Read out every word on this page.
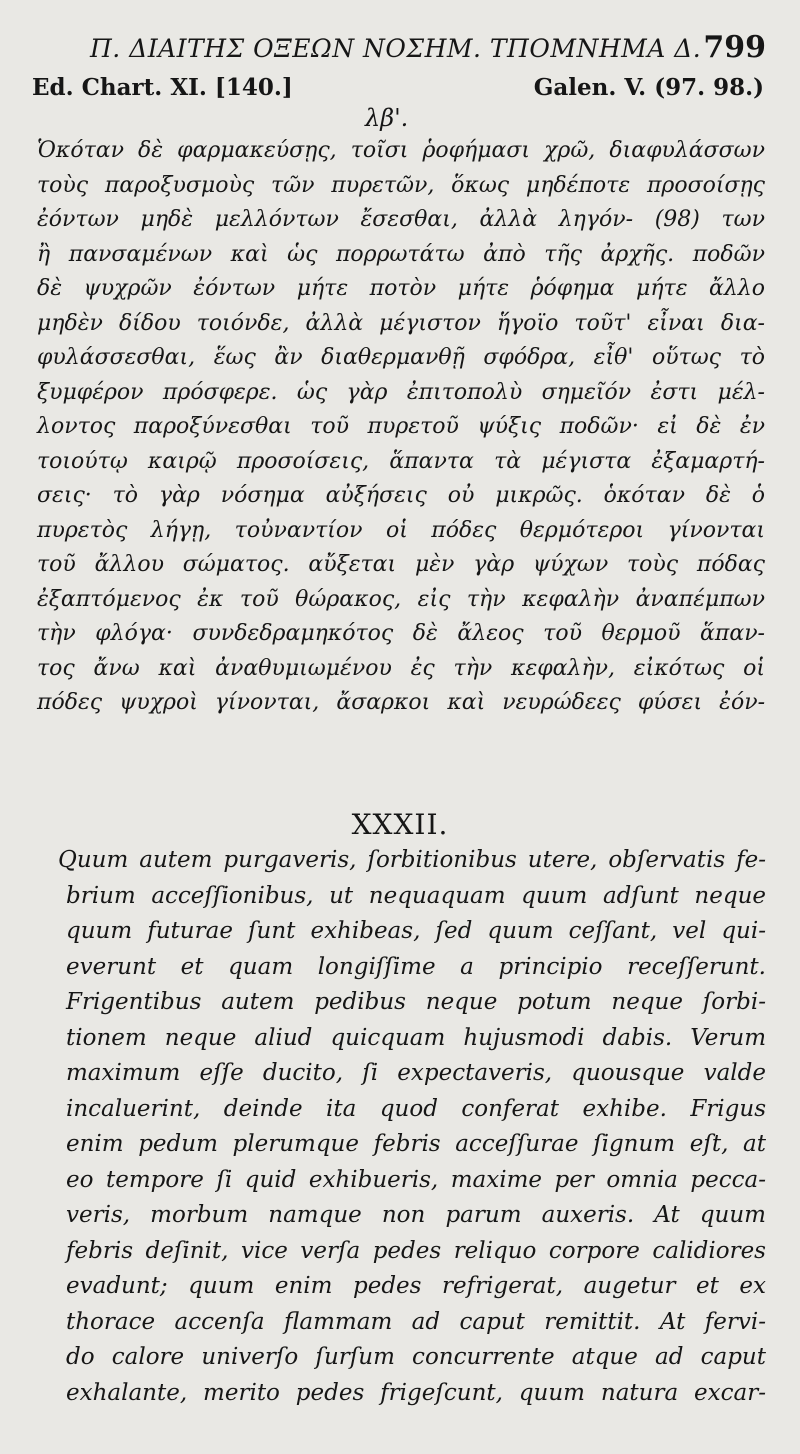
Π. ΔΙΑΙΤΗΣ ΟΞΕΩΝ ΝΟΣΗΜ. ΤΠΟΜΝΗΜΑ Δ. 799
Ed. Chart. XI. [140.]	Galen. V. (97. 98.)
λβ'.
Ὁκόταν δὲ φαρμακεύσῃς, τοῖσι ῥοφήμασι χρῶ, διαφυλάσσων
τοὺς παροξυσμοὺς τῶν πυρετῶν, ὅκως μηδέποτε προσοίσῃς
ἐόντων μηδὲ μελλόντων ἔσεσθαι, ἀλλὰ ληγόν- (98) των
ἢ πανσαμένων καὶ ὡς πορρωτάτω ἀπὸ τῆς ἀρχῆς. ποδῶν
δὲ ψυχρῶν ἐόντων μήτε ποτὸν μήτε ῥόφημα μήτε ἄλλο
μηδὲν δίδου τοιόνδε, ἀλλὰ μέγιστον ἥγοϊο τοῦτ' εἶναι δια-
φυλάσσεσθαι, ἕως ἂν διαθερμανθῇ σφόδρα, εἶθ' οὕτως τὸ
ξυμφέρον πρόσφερε. ὡς γὰρ ἐπιτοπολὺ σημεῖόν ἐστι μέλ-
λοντος παροξύνεσθαι τοῦ πυρετοῦ ψύξις ποδῶν· εἰ δὲ ἐν
τοιούτῳ καιρῷ προσοίσεις, ἅπαντα τὰ μέγιστα ἐξαμαρτή-
σεις· τὸ γὰρ νόσημα αὐξήσεις οὐ μικρῶς. ὁκόταν δὲ ὁ
πυρετὸς λήγῃ, τοὐναντίον οἱ πόδες θερμότεροι γίνονται
τοῦ ἄλλου σώματος. αὔξεται μὲν γὰρ ψύχων τοὺς πόδας
ἐξαπτόμενος ἐκ τοῦ θώρακος, εἰς τὴν κεφαλὴν ἀναπέμπων
τὴν φλόγα· συνδεδραμηκότος δὲ ἄλεος τοῦ θερμοῦ ἅπαν-
τος ἄνω καὶ ἀναθυμιωμένου ἐς τὴν κεφαλὴν, εἰκότως οἱ
πόδες ψυχροὶ γίνονται, ἄσαρκοι καὶ νευρώδεες φύσει ἐόν-
XXXII.
Quum autem purgaveris, ſorbitionibus utere, obſervatis fe-
brium acceſſionibus, ut nequaquam quum adſunt neque
quum futurae ſunt exhibeas, ſed quum ceſſant, vel qui-
everunt et quam longiſſime a principio receſſerunt.
Frigentibus autem pedibus neque potum neque ſorbi-
tionem neque aliud quicquam hujusmodi dabis. Verum
maximum eſſe ducito, ſi expectaveris, quousque valde
incaluerint, deinde ita quod conferat exhibe. Frigus
enim pedum plerumque febris acceſſurae ſignum eſt, at
eo tempore ſi quid exhibueris, maxime per omnia pecca-
veris, morbum namque non parum auxeris. At quum
febris deſinit, vice verſa pedes reliquo corpore calidiores
evadunt; quum enim pedes refrigerat, augetur et ex
thorace accenſa flammam ad caput remittit. At fervi-
do calore univerſo ſurſum concurrente atque ad caput
exhalante, merito pedes frigeſcunt, quum natura excar-
